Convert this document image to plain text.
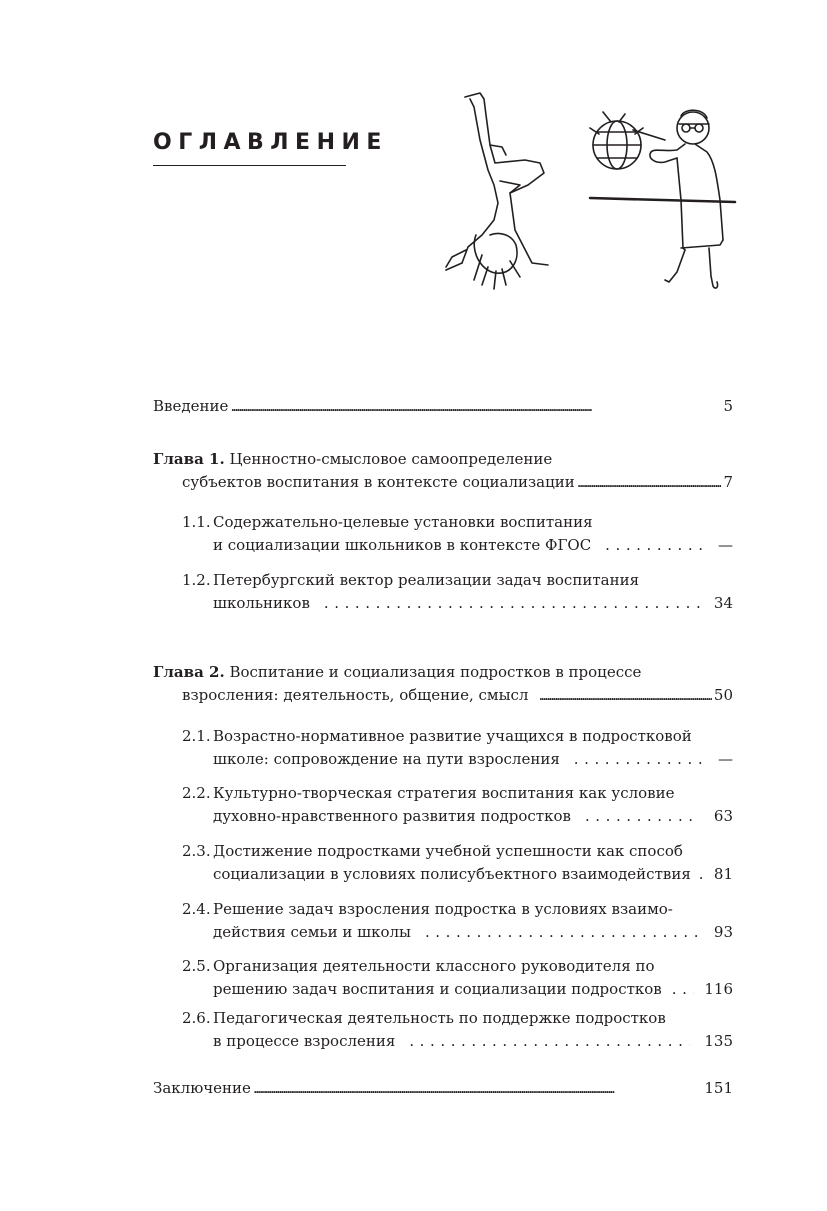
ОГЛАВЛЕНИЕ
Введение . . .	5
Глава 1. Ценностно-смысловое самоопределение
субъектов воспитания в контексте социализации . . .	7
1.1. Содержательно-целевые установки воспитания
и социализации школьников в контексте ФГОС . . .	—
1.2. Петербургский вектор реализации задач воспитания
школьников . . .	34
Глава 2. Воспитание и социализация подростков в процессе
взросления: деятельность, общение, смысл . . .	50
2.1. Возрастно-нормативное развитие учащихся в подростковой
школе: сопровождение на пути взросления . . .	—
2.2. Культурно-творческая стратегия воспитания как условие
духовно-нравственного развития подростков . . .	63
2.3. Достижение подростками учебной успешности как способ
социализации в условиях полисубъектного взаимодействия . . . 81
2.4. Решение задач взросления подростка в условиях взаимо-
действия семьи и школы . . .	93
2.5. Организация деятельности классного руководителя по
решению задач воспитания и социализации подростков . . .	116
2.6. Педагогическая деятельность по поддержке подростков
в процессе взросления . . .	135
Заключение . . .	151
